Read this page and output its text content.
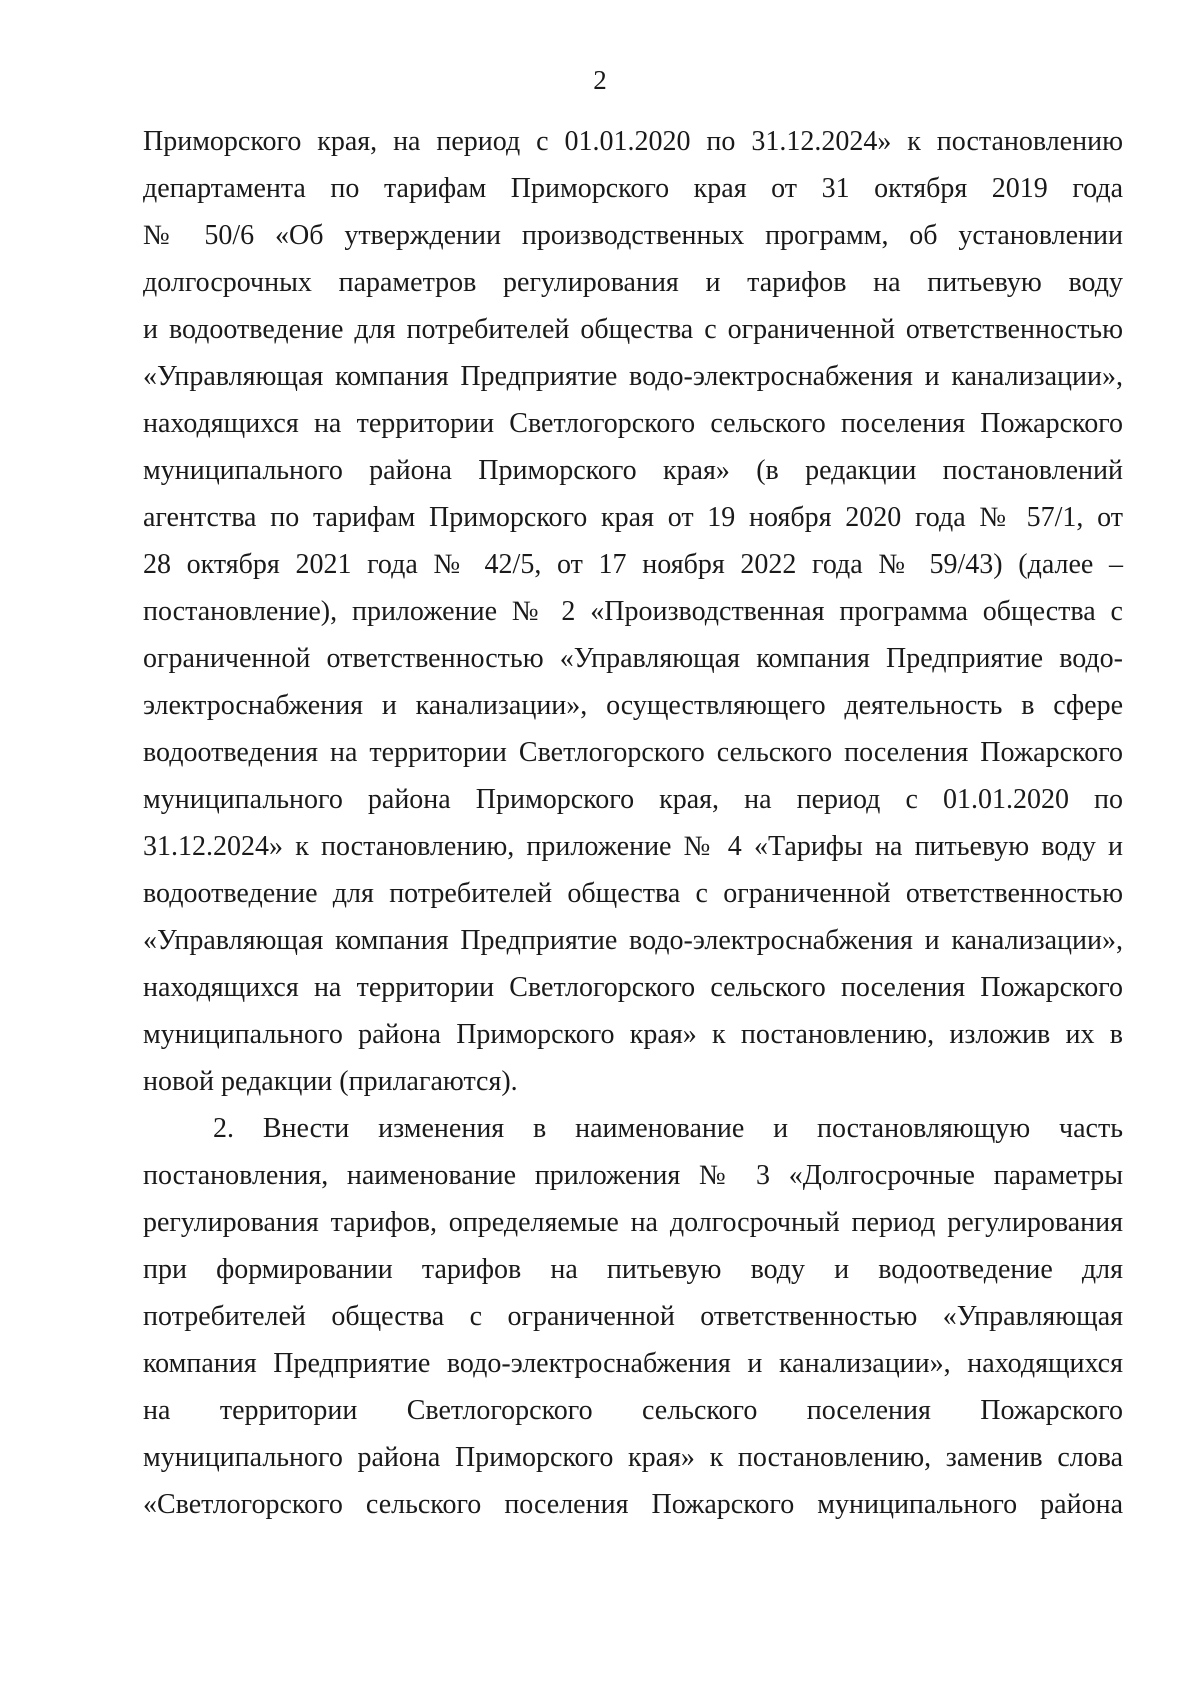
2
Приморского края, на период с 01.01.2020 по 31.12.2024» к постановлению
департамента по тарифам Приморского края от 31 октября 2019 года
№ 50/6 «Об утверждении производственных программ, об установлении
долгосрочных параметров регулирования и тарифов на питьевую воду
и водоотведение для потребителей общества с ограниченной ответственностью
«Управляющая компания Предприятие водо-электроснабжения и канализации»,
находящихся на территории Светлогорского сельского поселения Пожарского
муниципального района Приморского края» (в редакции постановлений
агентства по тарифам Приморского края от 19 ноября 2020 года № 57/1, от
28 октября 2021 года № 42/5, от 17 ноября 2022 года № 59/43) (далее –
постановление), приложение № 2 «Производственная программа общества с
ограниченной ответственностью «Управляющая компания Предприятие водо-
электроснабжения и канализации», осуществляющего деятельность в сфере
водоотведения на территории Светлогорского сельского поселения Пожарского
муниципального района Приморского края, на период с 01.01.2020 по
31.12.2024» к постановлению, приложение № 4 «Тарифы на питьевую воду и
водоотведение для потребителей общества с ограниченной ответственностью
«Управляющая компания Предприятие водо-электроснабжения и канализации»,
находящихся на территории Светлогорского сельского поселения Пожарского
муниципального района Приморского края» к постановлению, изложив их в
новой редакции (прилагаются).
2. Внести изменения в наименование и постановляющую часть
постановления, наименование приложения № 3 «Долгосрочные параметры
регулирования тарифов, определяемые на долгосрочный период регулирования
при формировании тарифов на питьевую воду и водоотведение для
потребителей общества с ограниченной ответственностью «Управляющая
компания Предприятие водо-электроснабжения и канализации», находящихся
на территории Светлогорского сельского поселения Пожарского
муниципального района Приморского края» к постановлению, заменив слова
«Светлогорского сельского поселения Пожарского муниципального района
